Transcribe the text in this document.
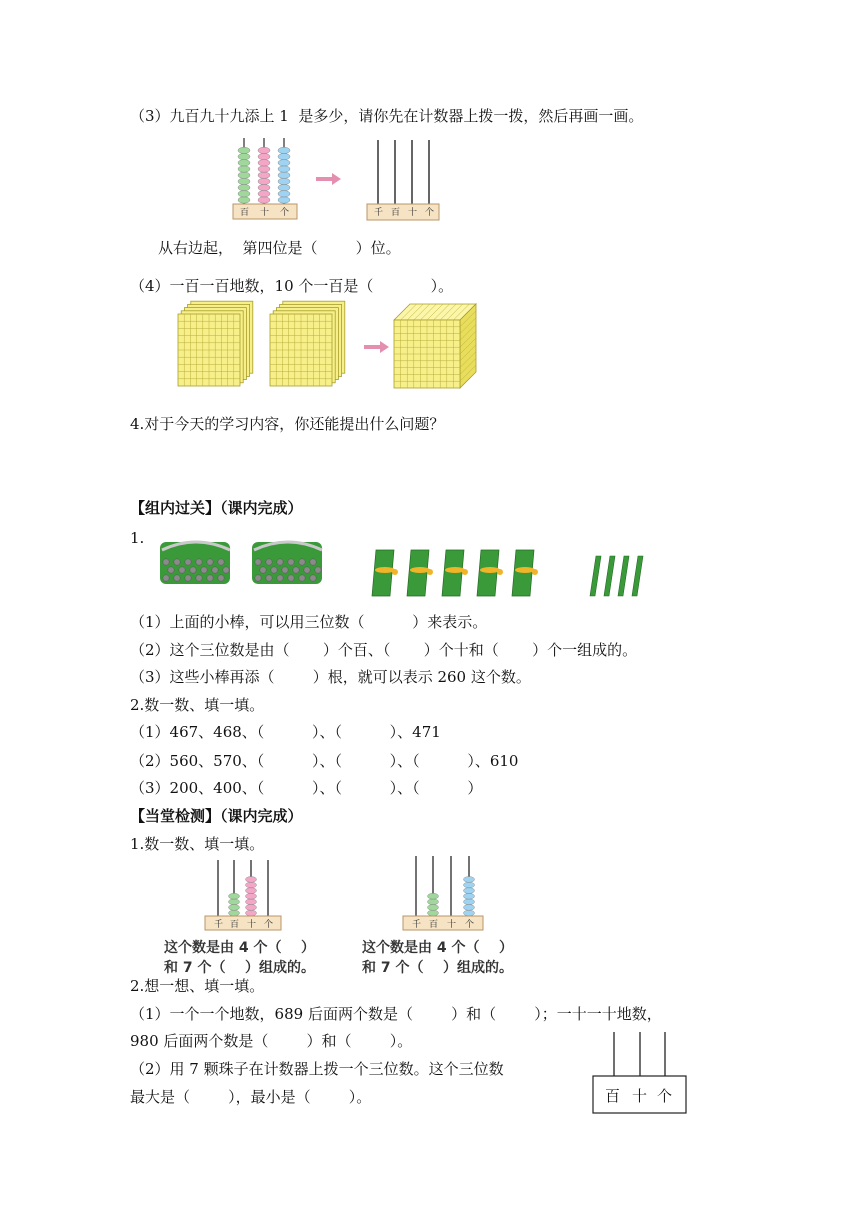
（3）九百九十九添上 1  是多少，请你先在计数器上拨一拨，然后再画一画。
百 十 个	千 百 十 个
从右边起，  第四位是（        ）位。
（4）一百一百地数，10 个一百是（            ）。
4.对于今天的学习内容，你还能提出什么问题？
【组内过关】（课内完成）
1.
（1）上面的小棒，可以用三位数（          ）来表示。
（2）这个三位数是由（       ）个百、（       ）个十和（       ）个一组成的。
（3）这些小棒再添（        ）根，就可以表示 260 这个数。
2.数一数、填一填。
（1）467、468、（          ）、（          ）、471
（2）560、570、（          ）、（          ）、（          ）、610
（3）200、400、（          ）、（          ）、（          ）
【当堂检测】（课内完成）
1.数一数、填一填。
千 百 十 个	千 百 十 个
这个数是由 4 个（    ）
和 7 个（    ）组成的。
这个数是由 4 个（    ）
和 7 个（    ）组成的。
2.想一想、填一填。
（1）一个一个地数，689 后面两个数是（        ）和（        ）；一十一十地数，
980 后面两个数是（        ）和（        ）。
（2）用 7 颗珠子在计数器上拨一个三位数。这个三位数
最大是（        ），最小是（        ）。	百 十 个
